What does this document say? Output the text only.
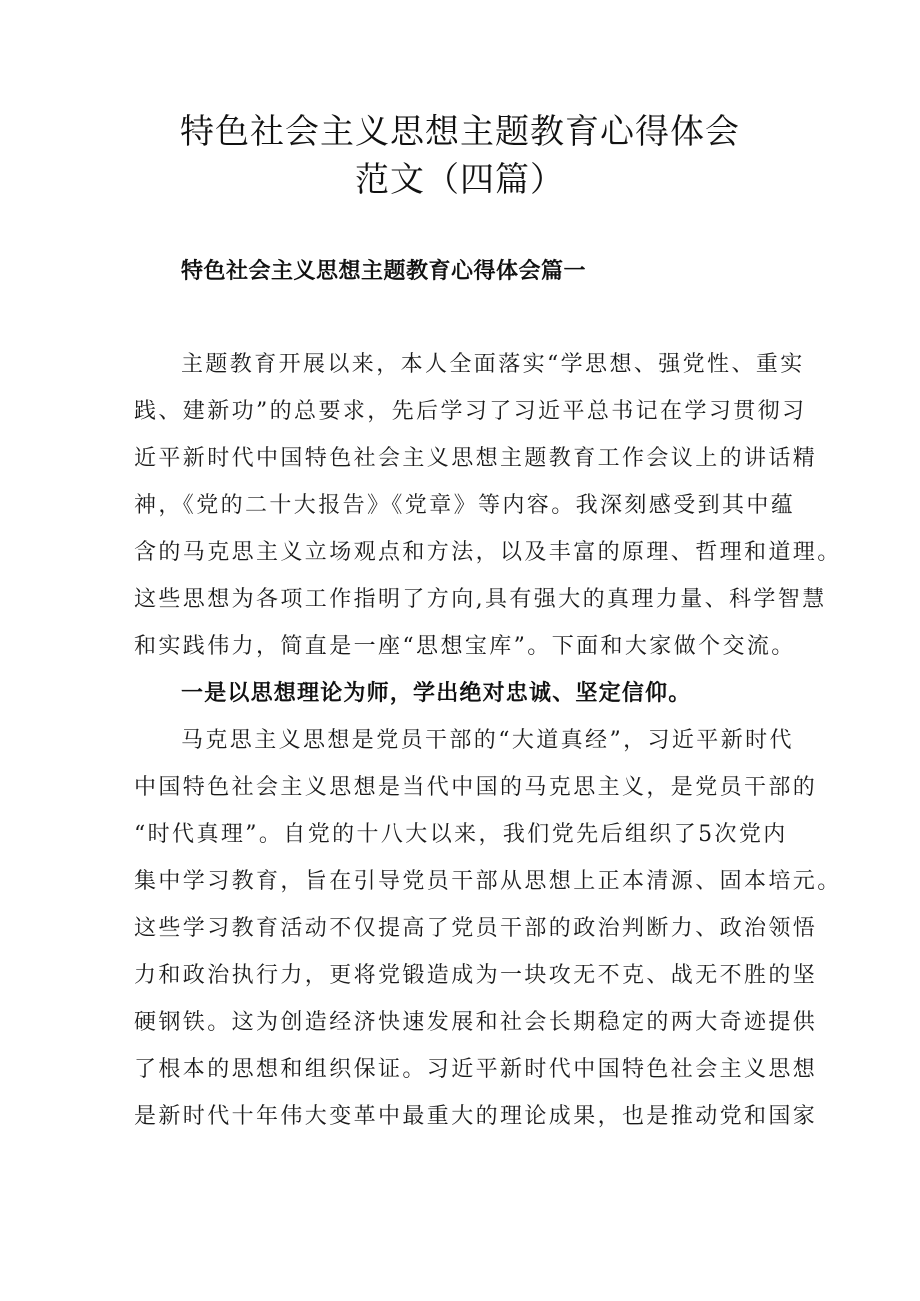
特色社会主义思想主题教育心得体会
范文（四篇）
特色社会主义思想主题教育心得体会篇一
主题教育开展以来，本人全面落实“学思想、强党性、重实
践、建新功”的总要求，先后学习了习近平总书记在学习贯彻习
近平新时代中国特色社会主义思想主题教育工作会议上的讲话精
神，《党的二十大报告》《党章》等内容。我深刻感受到其中蕴
含的马克思主义立场观点和方法，以及丰富的原理、哲理和道理。
这些思想为各项工作指明了方向,具有强大的真理力量、科学智慧
和实践伟力，简直是一座“思想宝库”。下面和大家做个交流。
一是以思想理论为师，学出绝对忠诚、坚定信仰。
马克思主义思想是党员干部的“大道真经”，习近平新时代
中国特色社会主义思想是当代中国的马克思主义，是党员干部的
“时代真理”。自党的十八大以来，我们党先后组织了5次党内
集中学习教育，旨在引导党员干部从思想上正本清源、固本培元。
这些学习教育活动不仅提高了党员干部的政治判断力、政治领悟
力和政治执行力，更将党锻造成为一块攻无不克、战无不胜的坚
硬钢铁。这为创造经济快速发展和社会长期稳定的两大奇迹提供
了根本的思想和组织保证。习近平新时代中国特色社会主义思想
是新时代十年伟大变革中最重大的理论成果，也是推动党和国家
